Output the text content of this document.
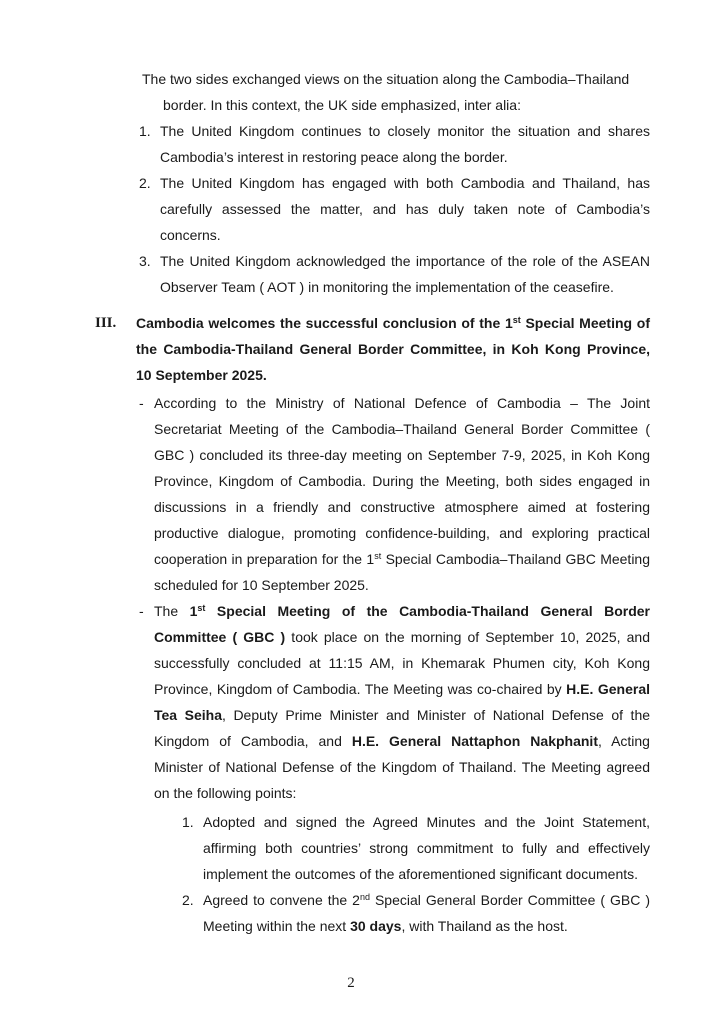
The two sides exchanged views on the situation along the Cambodia–Thailand
border. In this context, the UK side emphasized, inter alia:
1. The United Kingdom continues to closely monitor the situation and shares Cambodia’s interest in restoring peace along the border.
2. The United Kingdom has engaged with both Cambodia and Thailand, has carefully assessed the matter, and has duly taken note of Cambodia’s concerns.
3. The United Kingdom acknowledged the importance of the role of the ASEAN Observer Team ( AOT ) in monitoring the implementation of the ceasefire.
III. Cambodia welcomes the successful conclusion of the 1st Special Meeting of the Cambodia-Thailand General Border Committee, in Koh Kong Province, 10 September 2025.
- According to the Ministry of National Defence of Cambodia – The Joint Secretariat Meeting of the Cambodia–Thailand General Border Committee ( GBC ) concluded its three-day meeting on September 7-9, 2025, in Koh Kong Province, Kingdom of Cambodia. During the Meeting, both sides engaged in discussions in a friendly and constructive atmosphere aimed at fostering productive dialogue, promoting confidence-building, and exploring practical cooperation in preparation for the 1st Special Cambodia–Thailand GBC Meeting scheduled for 10 September 2025.
- The 1st Special Meeting of the Cambodia-Thailand General Border Committee ( GBC ) took place on the morning of September 10, 2025, and successfully concluded at 11:15 AM, in Khemarak Phumen city, Koh Kong Province, Kingdom of Cambodia. The Meeting was co-chaired by H.E. General Tea Seiha, Deputy Prime Minister and Minister of National Defense of the Kingdom of Cambodia, and H.E. General Nattaphon Nakphanit, Acting Minister of National Defense of the Kingdom of Thailand. The Meeting agreed on the following points:
1. Adopted and signed the Agreed Minutes and the Joint Statement, affirming both countries’ strong commitment to fully and effectively implement the outcomes of the aforementioned significant documents.
2. Agreed to convene the 2nd Special General Border Committee ( GBC ) Meeting within the next 30 days, with Thailand as the host.
2
